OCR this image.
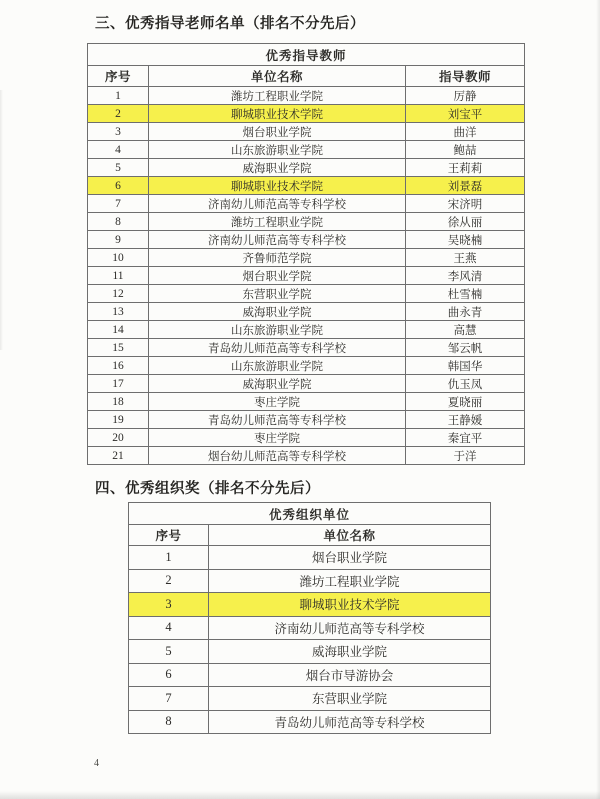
三、优秀指导老师名单（排名不分先后）
优秀指导教师		
序号	单位名称	指导教师
1	潍坊工程职业学院	厉静
2	聊城职业技术学院	刘宝平
3	烟台职业学院	曲洋
4	山东旅游职业学院	鲍喆
5	威海职业学院	王莉莉
6	聊城职业技术学院	刘景磊
7	济南幼儿师范高等专科学校	宋济明
8	潍坊工程职业学院	徐从丽
9	济南幼儿师范高等专科学校	吴晓楠
10	齐鲁师范学院	王燕
11	烟台职业学院	李风清
12	东营职业学院	杜雪楠
13	威海职业学院	曲永青
14	山东旅游职业学院	高慧
15	青岛幼儿师范高等专科学校	邹云帆
16	山东旅游职业学院	韩国华
17	威海职业学院	仇玉凤
18	枣庄学院	夏晓丽
19	青岛幼儿师范高等专科学校	王静媛
20	枣庄学院	秦宜平
21	烟台幼儿师范高等专科学校	于洋
四、优秀组织奖（排名不分先后）
优秀组织单位	
序号	单位名称
1	烟台职业学院
2	潍坊工程职业学院
3	聊城职业技术学院
4	济南幼儿师范高等专科学校
5	威海职业学院
6	烟台市导游协会
7	东营职业学院
8	青岛幼儿师范高等专科学校
4
